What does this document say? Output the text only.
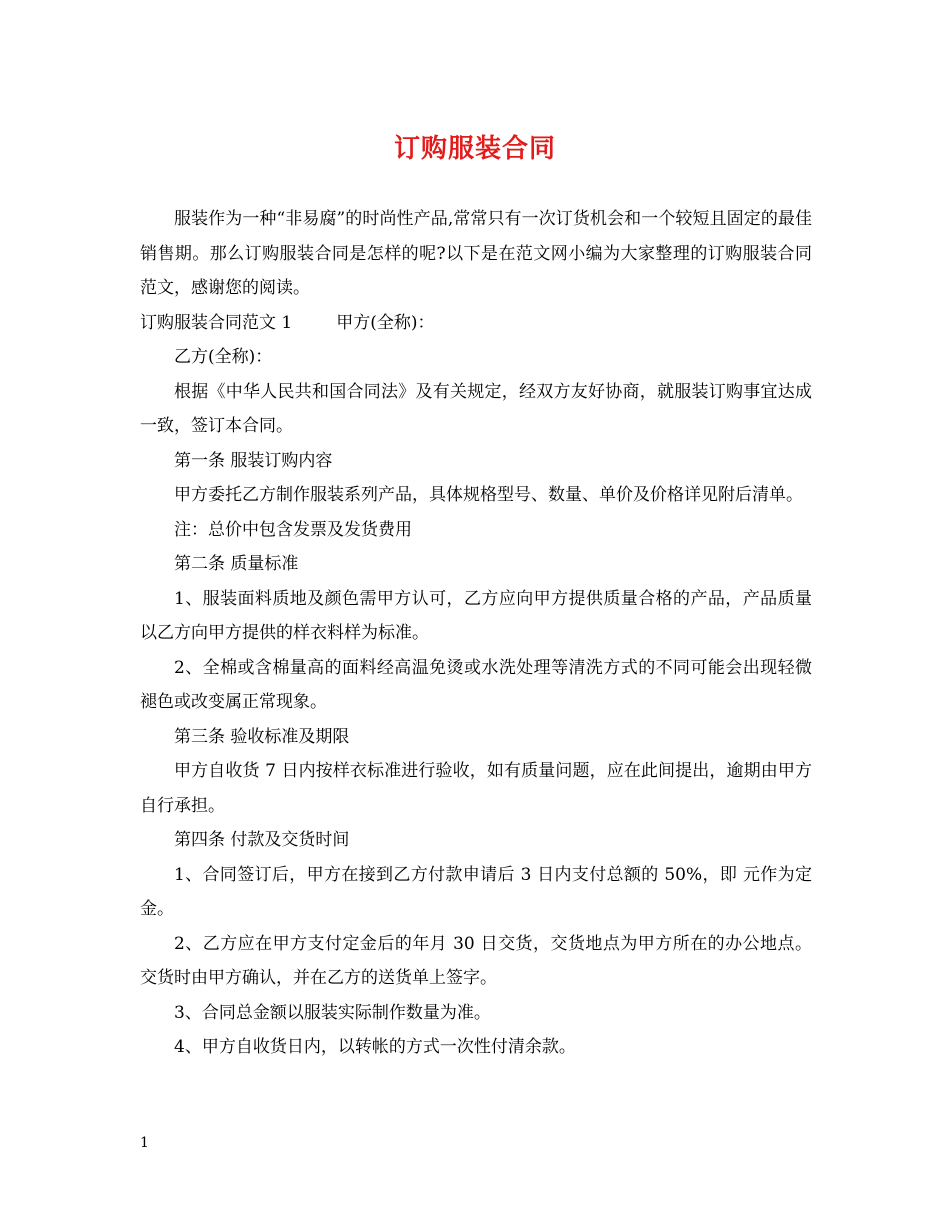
订购服装合同

服装作为一种“非易腐”的时尚性产品,常常只有一次订货机会和一个较短且固定的最佳销售期。那么订购服装合同是怎样的呢?以下是在范文网小编为大家整理的订购服装合同范文，感谢您的阅读。

订购服装合同范文 1	甲方(全称)：

乙方(全称)：

根据《中华人民共和国合同法》及有关规定，经双方友好协商，就服装订购事宜达成一致，签订本合同。

第一条 服装订购内容

甲方委托乙方制作服装系列产品，具体规格型号、数量、单价及价格详见附后清单。

注：总价中包含发票及发货费用

第二条 质量标准

1、服装面料质地及颜色需甲方认可，乙方应向甲方提供质量合格的产品，产品质量以乙方向甲方提供的样衣料样为标准。

2、全棉或含棉量高的面料经高温免烫或水洗处理等清洗方式的不同可能会出现轻微褪色或改变属正常现象。

第三条 验收标准及期限

甲方自收货 7 日内按样衣标准进行验收，如有质量问题，应在此间提出，逾期由甲方自行承担。

第四条 付款及交货时间

1、合同签订后，甲方在接到乙方付款申请后 3 日内支付总额的 50%，即 元作为定金。

2、乙方应在甲方支付定金后的年月 30 日交货，交货地点为甲方所在的办公地点。交货时由甲方确认，并在乙方的送货单上签字。

3、合同总金额以服装实际制作数量为准。

4、甲方自收货日内，以转帐的方式一次性付清余款。

1
